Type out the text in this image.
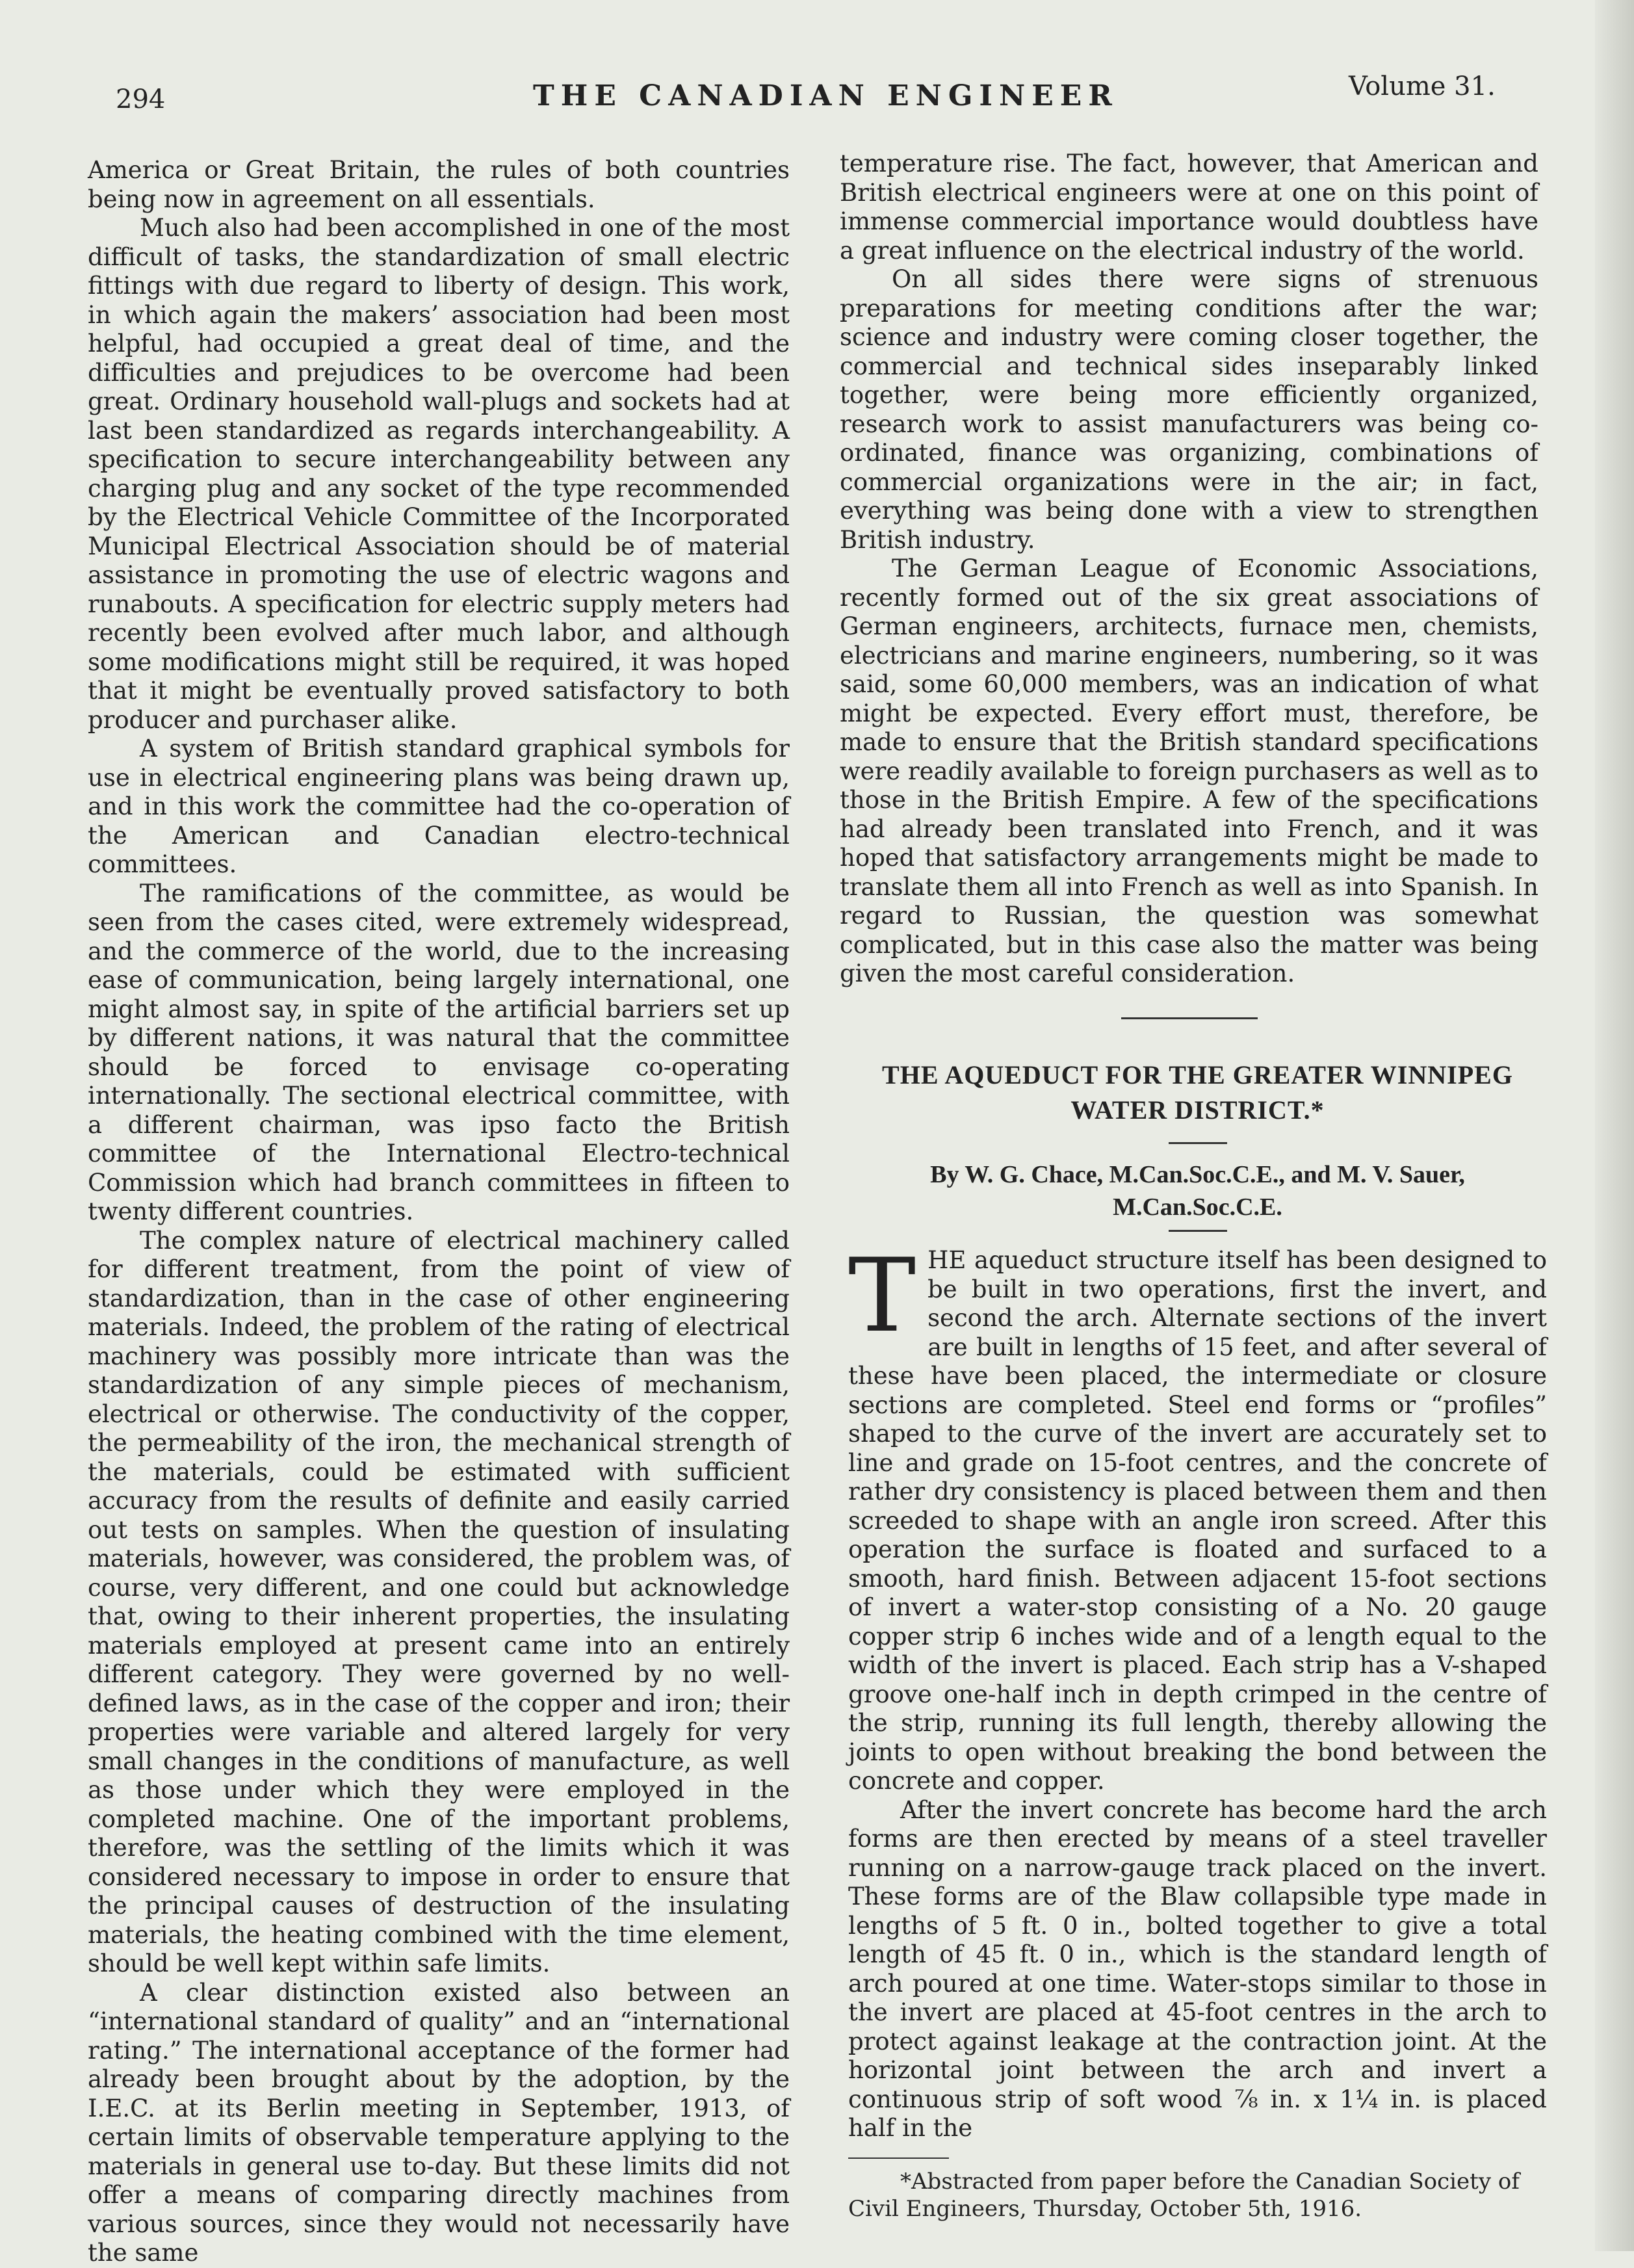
294	THE CANADIAN ENGINEER	Volume 31.

America or Great Britain, the rules of both countries being now in agreement on all essentials.

Much also had been accomplished in one of the most difficult of tasks, the standardization of small electric fittings with due regard to liberty of design. This work, in which again the makers’ association had been most helpful, had occupied a great deal of time, and the difficulties and prejudices to be overcome had been great. Ordinary household wall-plugs and sockets had at last been standardized as regards interchangeability. A specification to secure interchangeability between any charging plug and any socket of the type recommended by the Electrical Vehicle Committee of the Incorporated Municipal Electrical Association should be of material assistance in promoting the use of electric wagons and runabouts. A specification for electric supply meters had recently been evolved after much labor, and although some modifications might still be required, it was hoped that it might be eventually proved satisfactory to both producer and purchaser alike.

A system of British standard graphical symbols for use in electrical engineering plans was being drawn up, and in this work the committee had the co-operation of the American and Canadian electro-technical committees.

The ramifications of the committee, as would be seen from the cases cited, were extremely widespread, and the commerce of the world, due to the increasing ease of communication, being largely international, one might almost say, in spite of the artificial barriers set up by different nations, it was natural that the committee should be forced to envisage co-operating internationally. The sectional electrical committee, with a different chairman, was ipso facto the British committee of the International Electro-technical Commission which had branch committees in fifteen to twenty different countries.

The complex nature of electrical machinery called for different treatment, from the point of view of standardization, than in the case of other engineering materials. Indeed, the problem of the rating of electrical machinery was possibly more intricate than was the standardization of any simple pieces of mechanism, electrical or otherwise. The conductivity of the copper, the permeability of the iron, the mechanical strength of the materials, could be estimated with sufficient accuracy from the results of definite and easily carried out tests on samples. When the question of insulating materials, however, was considered, the problem was, of course, very different, and one could but acknowledge that, owing to their inherent properties, the insulating materials employed at present came into an entirely different category. They were governed by no well-defined laws, as in the case of the copper and iron; their properties were variable and altered largely for very small changes in the conditions of manufacture, as well as those under which they were employed in the completed machine. One of the important problems, therefore, was the settling of the limits which it was considered necessary to impose in order to ensure that the principal causes of destruction of the insulating materials, the heating combined with the time element, should be well kept within safe limits.

A clear distinction existed also between an “international standard of quality” and an “international rating.” The international acceptance of the former had already been brought about by the adoption, by the I.E.C. at its Berlin meeting in September, 1913, of certain limits of observable temperature applying to the materials in general use to-day. But these limits did not offer a means of comparing directly machines from various sources, since they would not necessarily have the same

temperature rise. The fact, however, that American and British electrical engineers were at one on this point of immense commercial importance would doubtless have a great influence on the electrical industry of the world.

On all sides there were signs of strenuous preparations for meeting conditions after the war; science and industry were coming closer together, the commercial and technical sides inseparably linked together, were being more efficiently organized, research work to assist manufacturers was being co-ordinated, finance was organizing, combinations of commercial organizations were in the air; in fact, everything was being done with a view to strengthen British industry.

The German League of Economic Associations, recently formed out of the six great associations of German engineers, architects, furnace men, chemists, electricians and marine engineers, numbering, so it was said, some 60,000 members, was an indication of what might be expected. Every effort must, therefore, be made to ensure that the British standard specifications were readily available to foreign purchasers as well as to those in the British Empire. A few of the specifications had already been translated into French, and it was hoped that satisfactory arrangements might be made to translate them all into French as well as into Spanish. In regard to Russian, the question was somewhat complicated, but in this case also the matter was being given the most careful consideration.

THE AQUEDUCT FOR THE GREATER WINNIPEG WATER DISTRICT.*
By W. G. Chace, M.Can.Soc.C.E., and M. V. Sauer, M.Can.Soc.C.E.

THE aqueduct structure itself has been designed to be built in two operations, first the invert, and second the arch. Alternate sections of the invert are built in lengths of 15 feet, and after several of these have been placed, the intermediate or closure sections are completed. Steel end forms or “profiles” shaped to the curve of the invert are accurately set to line and grade on 15-foot centres, and the concrete of rather dry consistency is placed between them and then screeded to shape with an angle iron screed. After this operation the surface is floated and surfaced to a smooth, hard finish. Between adjacent 15-foot sections of invert a water-stop consisting of a No. 20 gauge copper strip 6 inches wide and of a length equal to the width of the invert is placed. Each strip has a V-shaped groove one-half inch in depth crimped in the centre of the strip, running its full length, thereby allowing the joints to open without breaking the bond between the concrete and copper.

After the invert concrete has become hard the arch forms are then erected by means of a steel traveller running on a narrow-gauge track placed on the invert. These forms are of the Blaw collapsible type made in lengths of 5 ft. 0 in., bolted together to give a total length of 45 ft. 0 in., which is the standard length of arch poured at one time. Water-stops similar to those in the invert are placed at 45-foot centres in the arch to protect against leakage at the contraction joint. At the horizontal joint between the arch and invert a continuous strip of soft wood ⅞ in. x 1¼ in. is placed half in the

*Abstracted from paper before the Canadian Society of Civil Engineers, Thursday, October 5th, 1916.
